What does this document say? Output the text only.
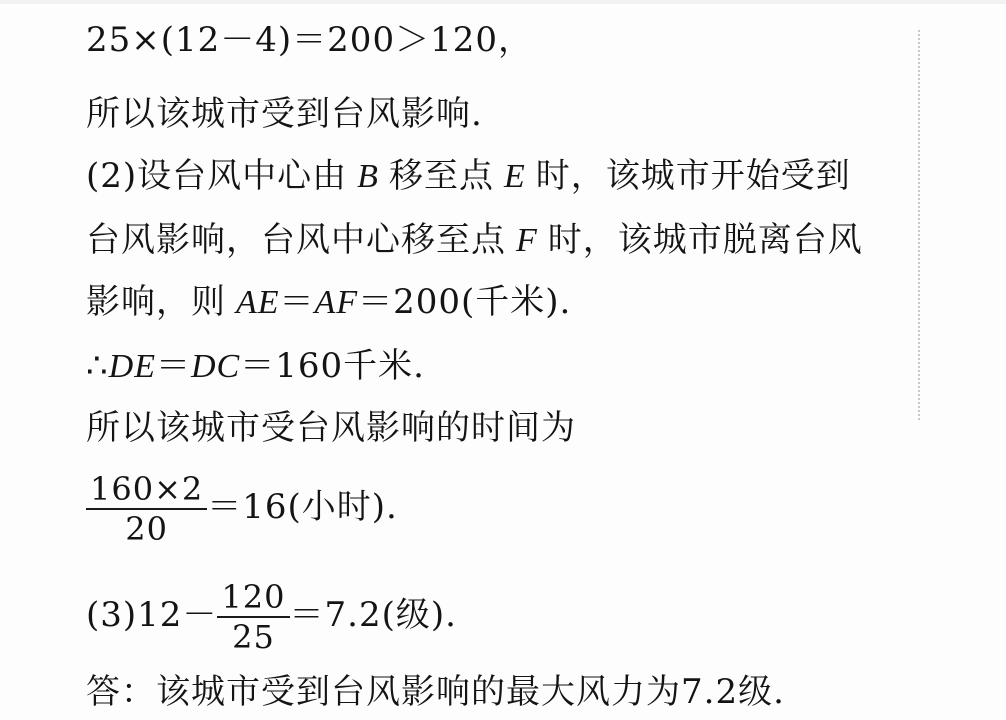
25×(12－4)＝200＞120，
所以该城市受到台风影响.
(2)设台风中心由 B 移至点 E 时，该城市开始受到
台风影响，台风中心移至点 F 时，该城市脱离台风
影响，则 AE＝AF＝200(千米).
∴DE＝DC＝160千米.
所以该城市受台风影响的时间为
$\frac{160\times 2}{20} =16$(小时).
$(3)12- \frac{120}{25} =7.2$(级).
答：该城市受到台风影响的最大风力为7.2级.
